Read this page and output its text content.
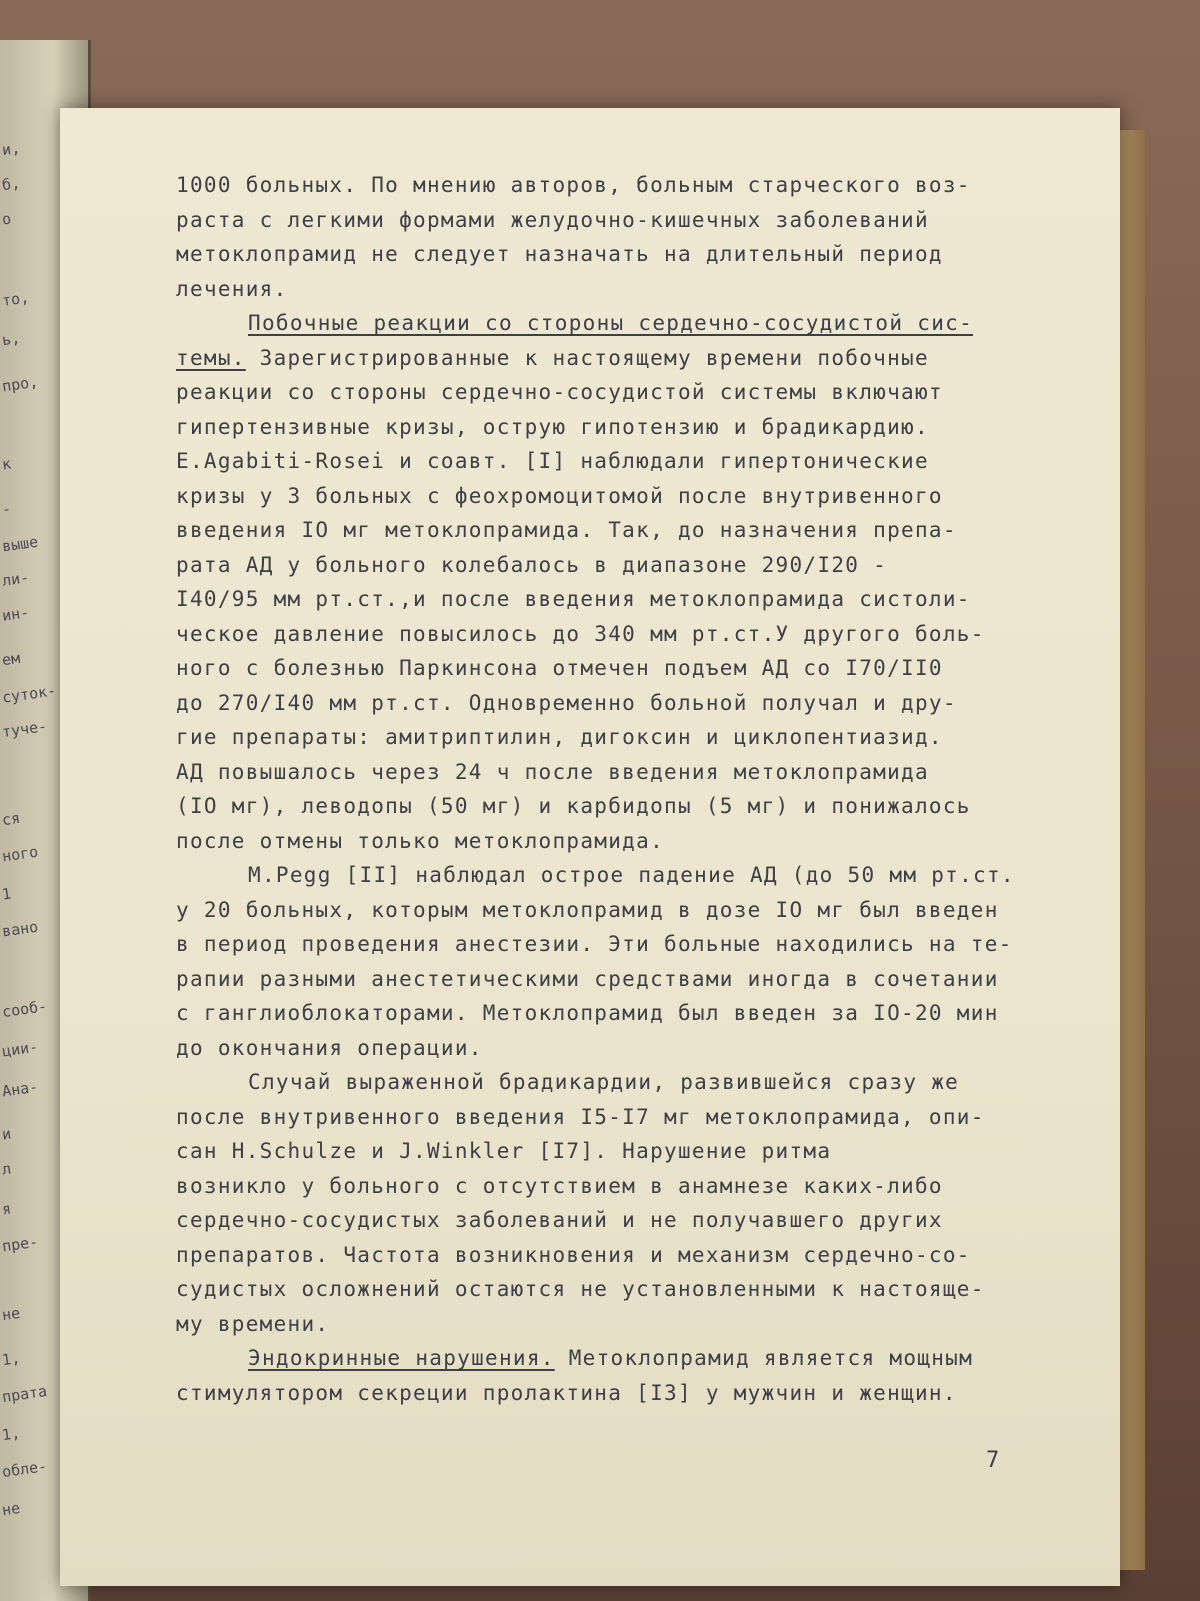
и,
б,
о
то,
ь,
про,
к
-
выше
ли-
ин-
ем
суток-
туче-
ся
ного
1
вано
сооб-
ции-
Ана-
и
л
я
пре-
не
1,
прата
1,
обле-
не
1000 больных. По мнению авторов, больным старческого воз-
раста с легкими формами желудочно-кишечных заболеваний
метоклопрамид не следует назначать на длительный период
лечения.
Побочные реакции со стороны сердечно-сосудистой сис-
темы. Зарегистрированные к настоящему времени побочные
реакции со стороны сердечно-сосудистой системы включают
гипертензивные кризы, острую гипотензию и брадикардию.
E.Agabiti-Rosei и соавт. [I] наблюдали гипертонические
кризы у 3 больных с феохромоцитомой после внутривенного
введения IO мг метоклопрамида. Так, до назначения препа-
рата АД у больного колебалось в диапазоне 290/I20 -
I40/95 мм рт.ст.,и после введения метоклопрамида систоли-
ческое давление повысилось до 340 мм рт.ст.У другого боль-
ного с болезнью Паркинсона отмечен подъем АД со I70/II0
до 270/I40 мм рт.ст. Одновременно больной получал и дру-
гие препараты: амитриптилин, дигоксин и циклопентиазид.
АД повышалось через 24 ч после введения метоклопрамида
(IO мг), леводопы (50 мг) и карбидопы (5 мг) и понижалось
после отмены только метоклопрамида.
M.Pegg [II] наблюдал острое падение АД (до 50 мм рт.ст.
у 20 больных, которым метоклопрамид в дозе IO мг был введен
в период проведения анестезии. Эти больные находились на те-
рапии разными анестетическими средствами иногда в сочетании
с ганглиоблокаторами. Метоклопрамид был введен за IO-20 мин
до окончания операции.
Случай выраженной брадикардии, развившейся сразу же
после внутривенного введения I5-I7 мг метоклопрамида, опи-
сан H.Schulze и J.Winkler [I7]. Нарушение ритма
возникло у больного с отсутствием в анамнезе каких-либо
сердечно-сосудистых заболеваний и не получавшего других
препаратов. Частота возникновения и механизм сердечно-со-
судистых осложнений остаются не установленными к настояще-
му времени.
Эндокринные нарушения. Метоклопрамид является мощным
стимулятором секреции пролактина [I3] у мужчин и женщин.
7
